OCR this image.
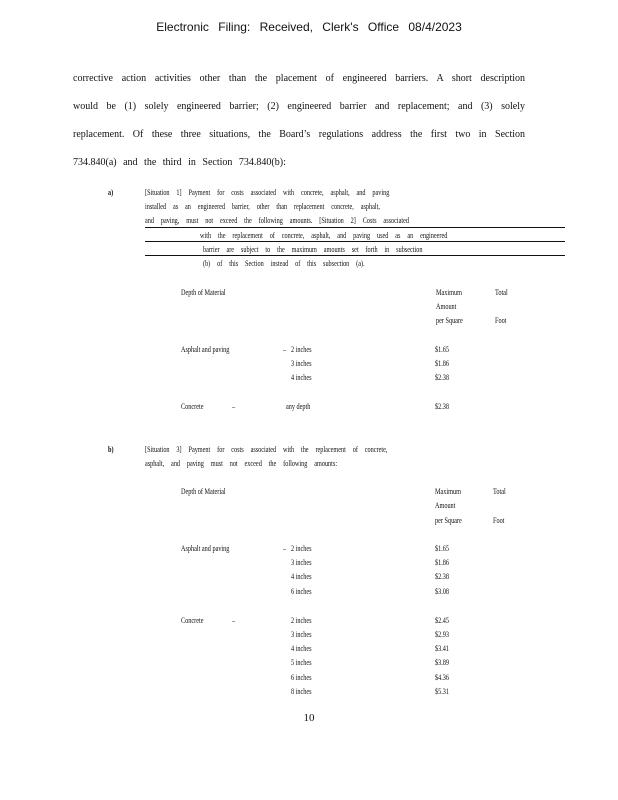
Electronic Filing: Received, Clerk's Office 08/4/2023
corrective action activities other than the placement of engineered barriers. A short description
would be (1) solely engineered barrier; (2) engineered barrier and replacement; and (3) solely
replacement. Of these three situations, the Board’s regulations address the first two in Section
734.840(a) and the third in Section 734.840(b):
a)	[Situation 1] Payment for costs associated with concrete, asphalt, and paving
installed as an engineered barrier, other than replacement concrete, asphalt,
and paving, must not exceed the following amounts. [Situation 2] Costs associated
with the replacement of concrete, asphalt, and paving used as an engineered
barrier are subject to the maximum amounts set forth in subsection
(b) of this Section instead of this subsection (a).
Depth of Material	Maximum
Amount
per Square
Total
Foot
Asphalt and paving	– 2 inches	$1.65
3 inches	$1.86
4 inches	$2.38
Concrete	–	any depth	$2.38
b)	[Situation 3] Payment for costs associated with the replacement of concrete,
asphalt, and paving must not exceed the following amounts:
Depth of Material	Maximum
Amount
per Square
Total
Foot
Asphalt and paving	– 2 inches	$1.65
3 inches	$1.86
4 inches	$2.38
6 inches	$3.08
Concrete	–	2 inches	$2.45
3 inches	$2.93
4 inches	$3.41
5 inches	$3.89
6 inches	$4.36
8 inches	$5.31
10
